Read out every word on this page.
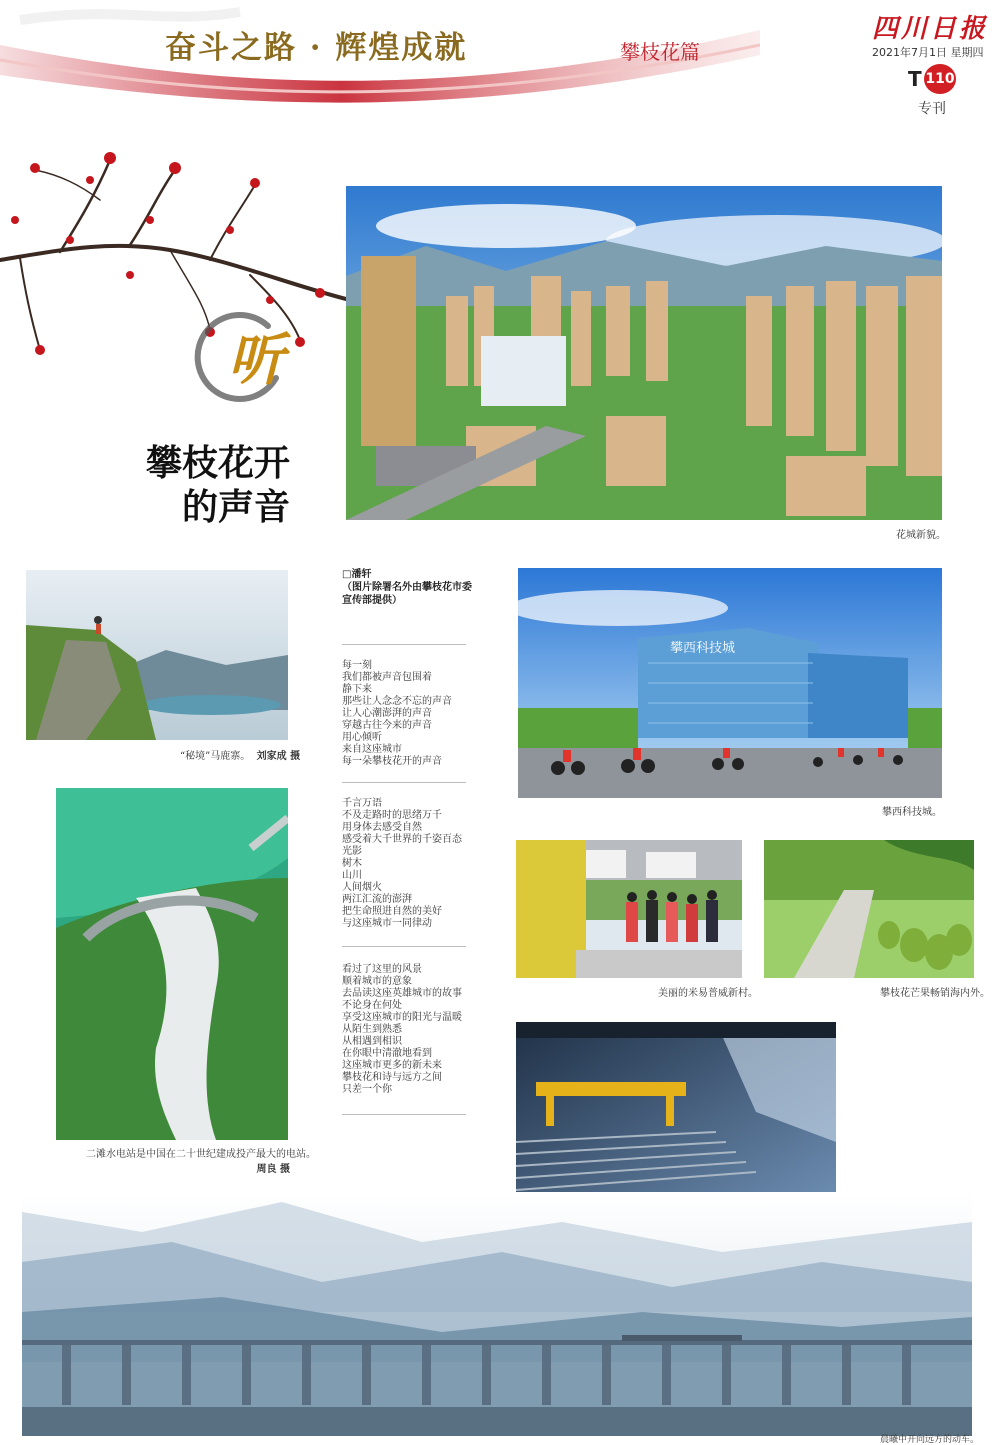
奋斗之路 · 辉煌成就	攀枝花篇
四川日报
2021年7月1日 星期四
T 110
专刊
听
攀枝花开
的声音
花城新貌。
“秘境”马鹿寨。 刘家成 摄
二滩水电站是中国在二十世纪建成投产最大的电站。
周良 摄
□潘轩
（图片除署名外由攀枝花市委
宣传部提供）
每一刻
我们都被声音包围着
静下来
那些让人念念不忘的声音
让人心潮澎湃的声音
穿越古往今来的声音
用心倾听
来自这座城市
每一朵攀枝花开的声音
千言万语
不及走路时的思绪万千
用身体去感受自然
感受着大千世界的千姿百态
光影
树木
山川
人间烟火
两江汇流的澎湃
把生命照进自然的美好
与这座城市一同律动
看过了这里的风景
顺着城市的意象
去品读这座英雄城市的故事
不论身在何处
享受这座城市的阳光与温暖
从陌生到熟悉
从相遇到相识
在你眼中清澈地看到
这座城市更多的新未来
攀枝花和诗与远方之间
只差一个你
攀西科技城
攀西科技城。
美丽的米易普威新村。	攀枝花芒果畅销海内外。
晨曦中开向远方的动车。
